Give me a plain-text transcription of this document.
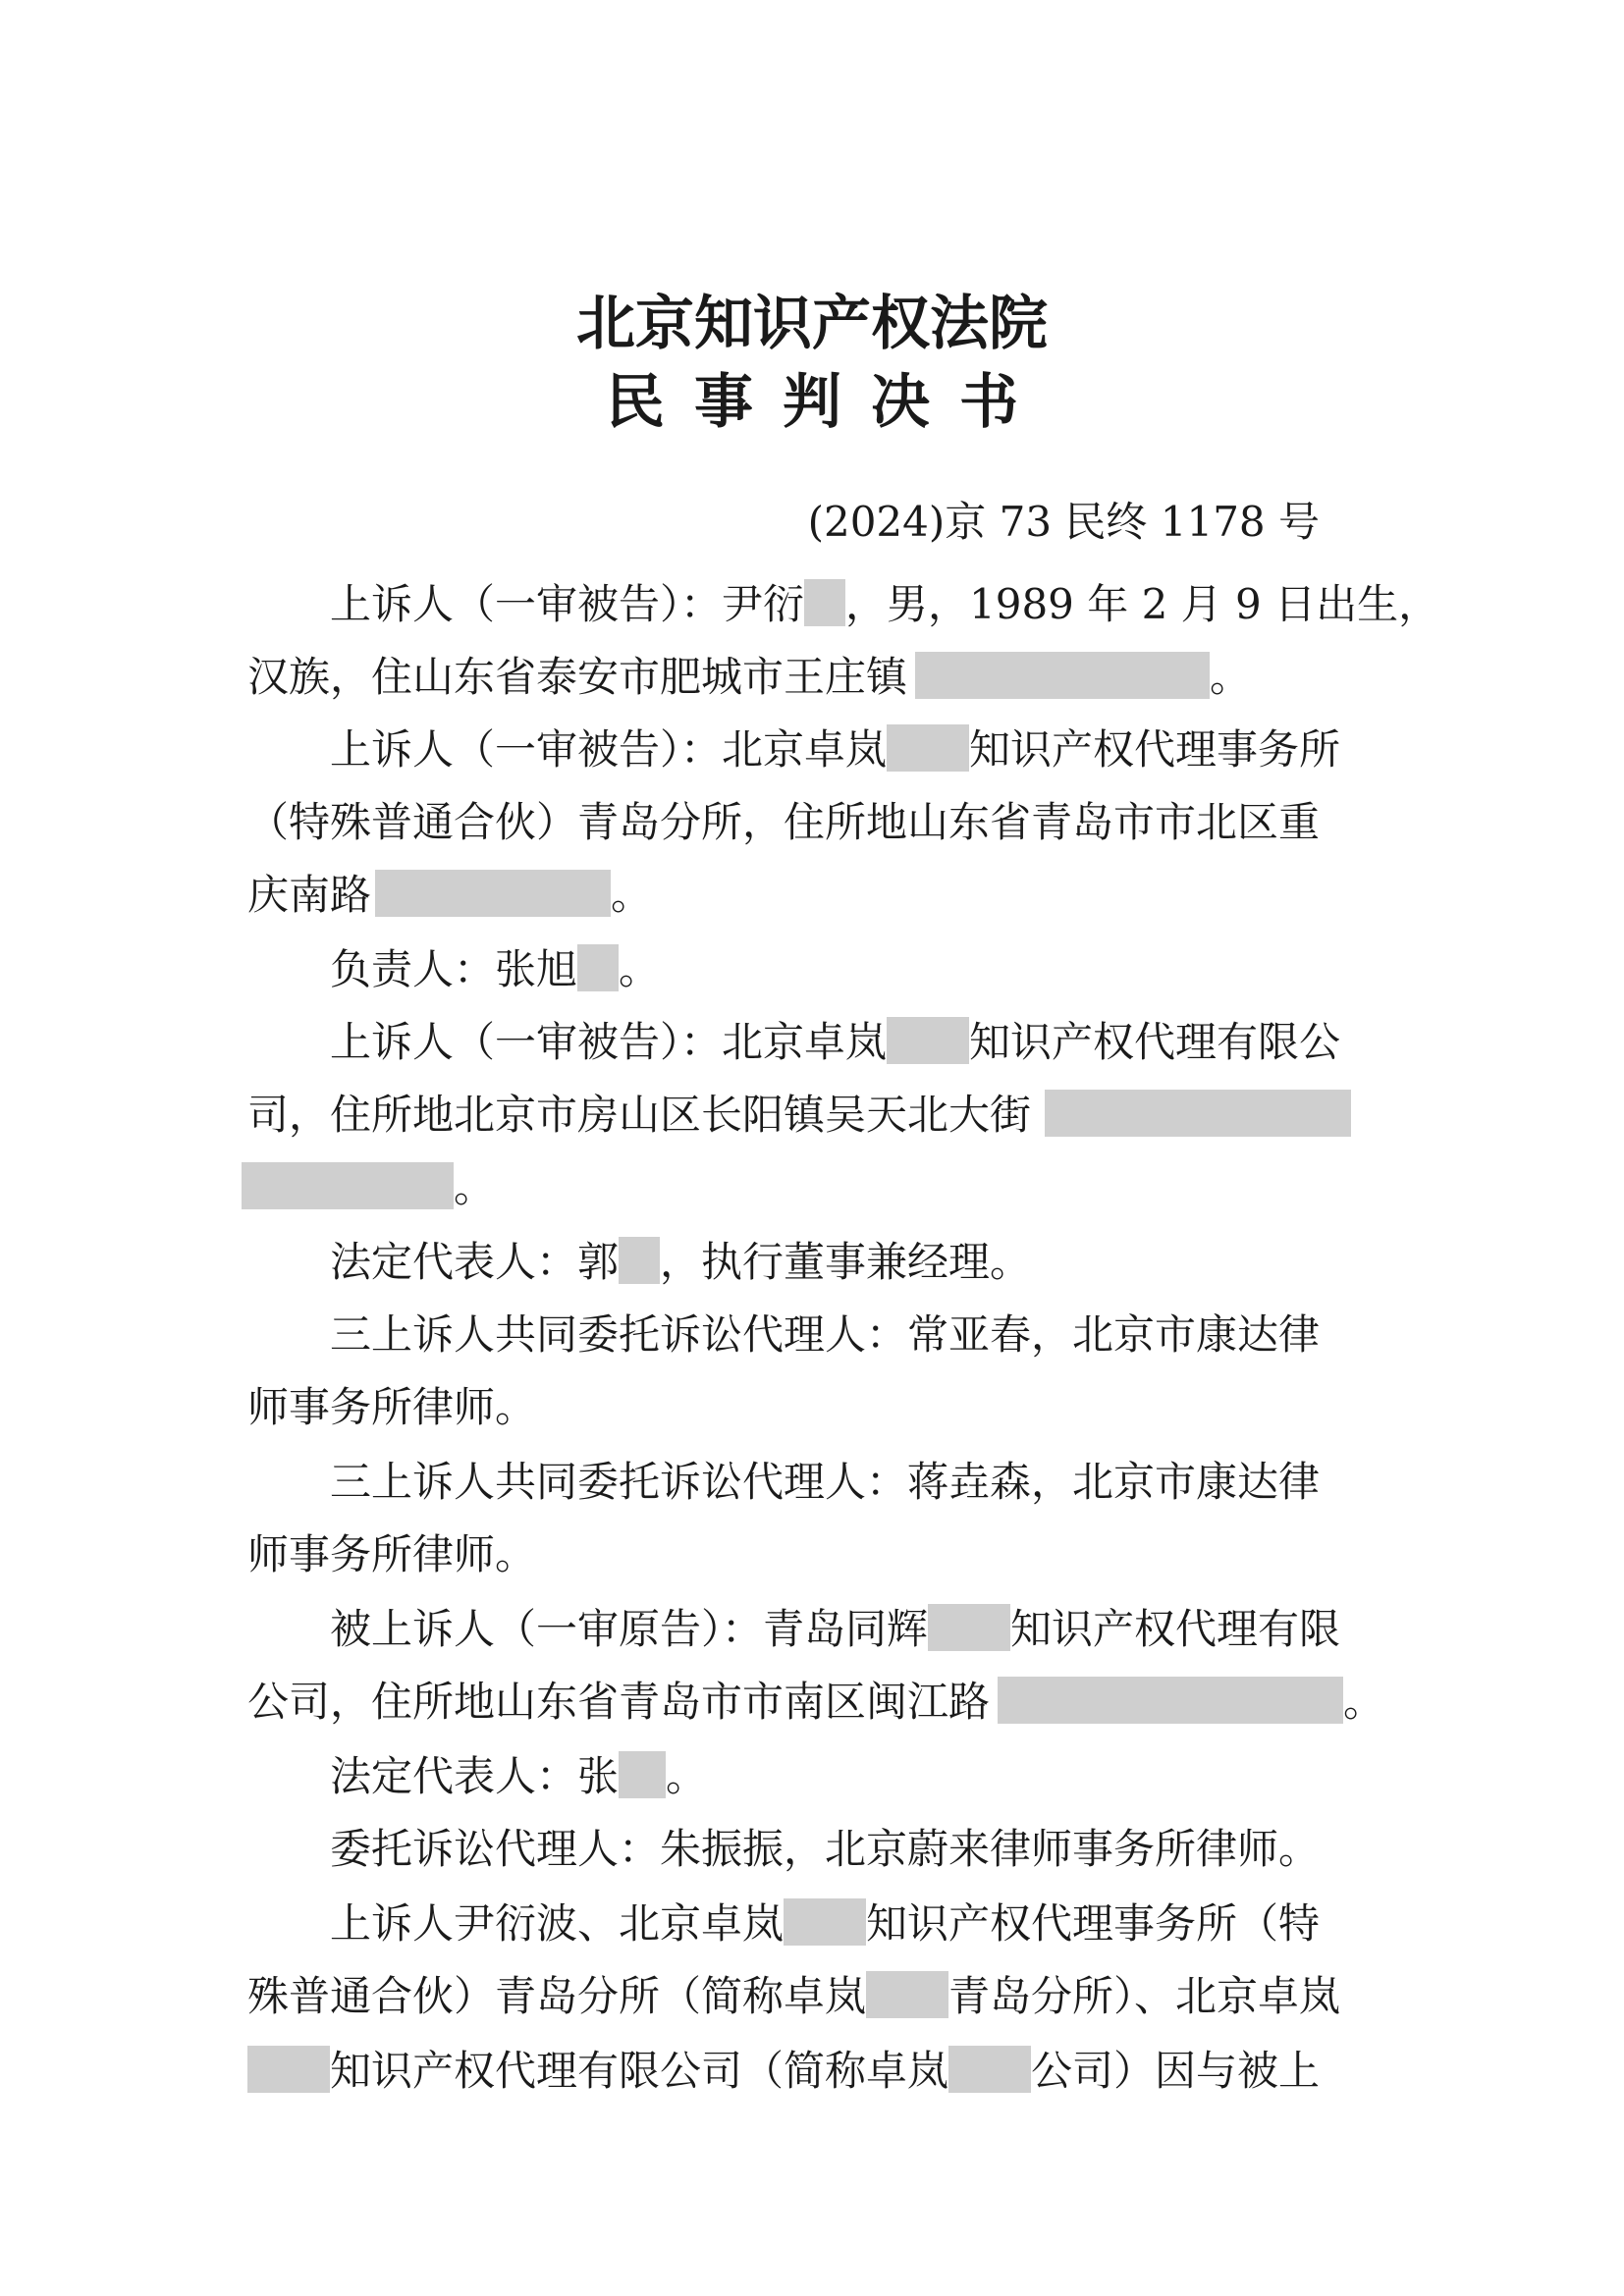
北京知识产权法院
民事判决书
(2024)京 73 民终 1178 号
上诉人（一审被告）：尹衍 ，男，1989 年 2 月 9 日出生，
汉族，住山东省泰安市肥城市王庄镇	。
上诉人（一审被告）：北京卓岚 知识产权代理事务所
（特殊普通合伙）青岛分所，住所地山东省青岛市市北区重
庆南路	。
负责人：张旭 。
上诉人（一审被告）：北京卓岚 知识产权代理有限公
司，住所地北京市房山区长阳镇吴天北大街
。
法定代表人：郭 ，执行董事兼经理。
三上诉人共同委托诉讼代理人：常亚春，北京市康达律
师事务所律师。
三上诉人共同委托诉讼代理人：蒋垚森，北京市康达律
师事务所律师。
被上诉人（一审原告）：青岛同辉 知识产权代理有限
公司，住所地山东省青岛市市南区闽江路	。
法定代表人：张 。
委托诉讼代理人：朱振振，北京蔚来律师事务所律师。
上诉人尹衍波、北京卓岚 知识产权代理事务所（特
殊普通合伙）青岛分所（简称卓岚 青岛分所）、北京卓岚
知识产权代理有限公司（简称卓岚 公司）因与被上
